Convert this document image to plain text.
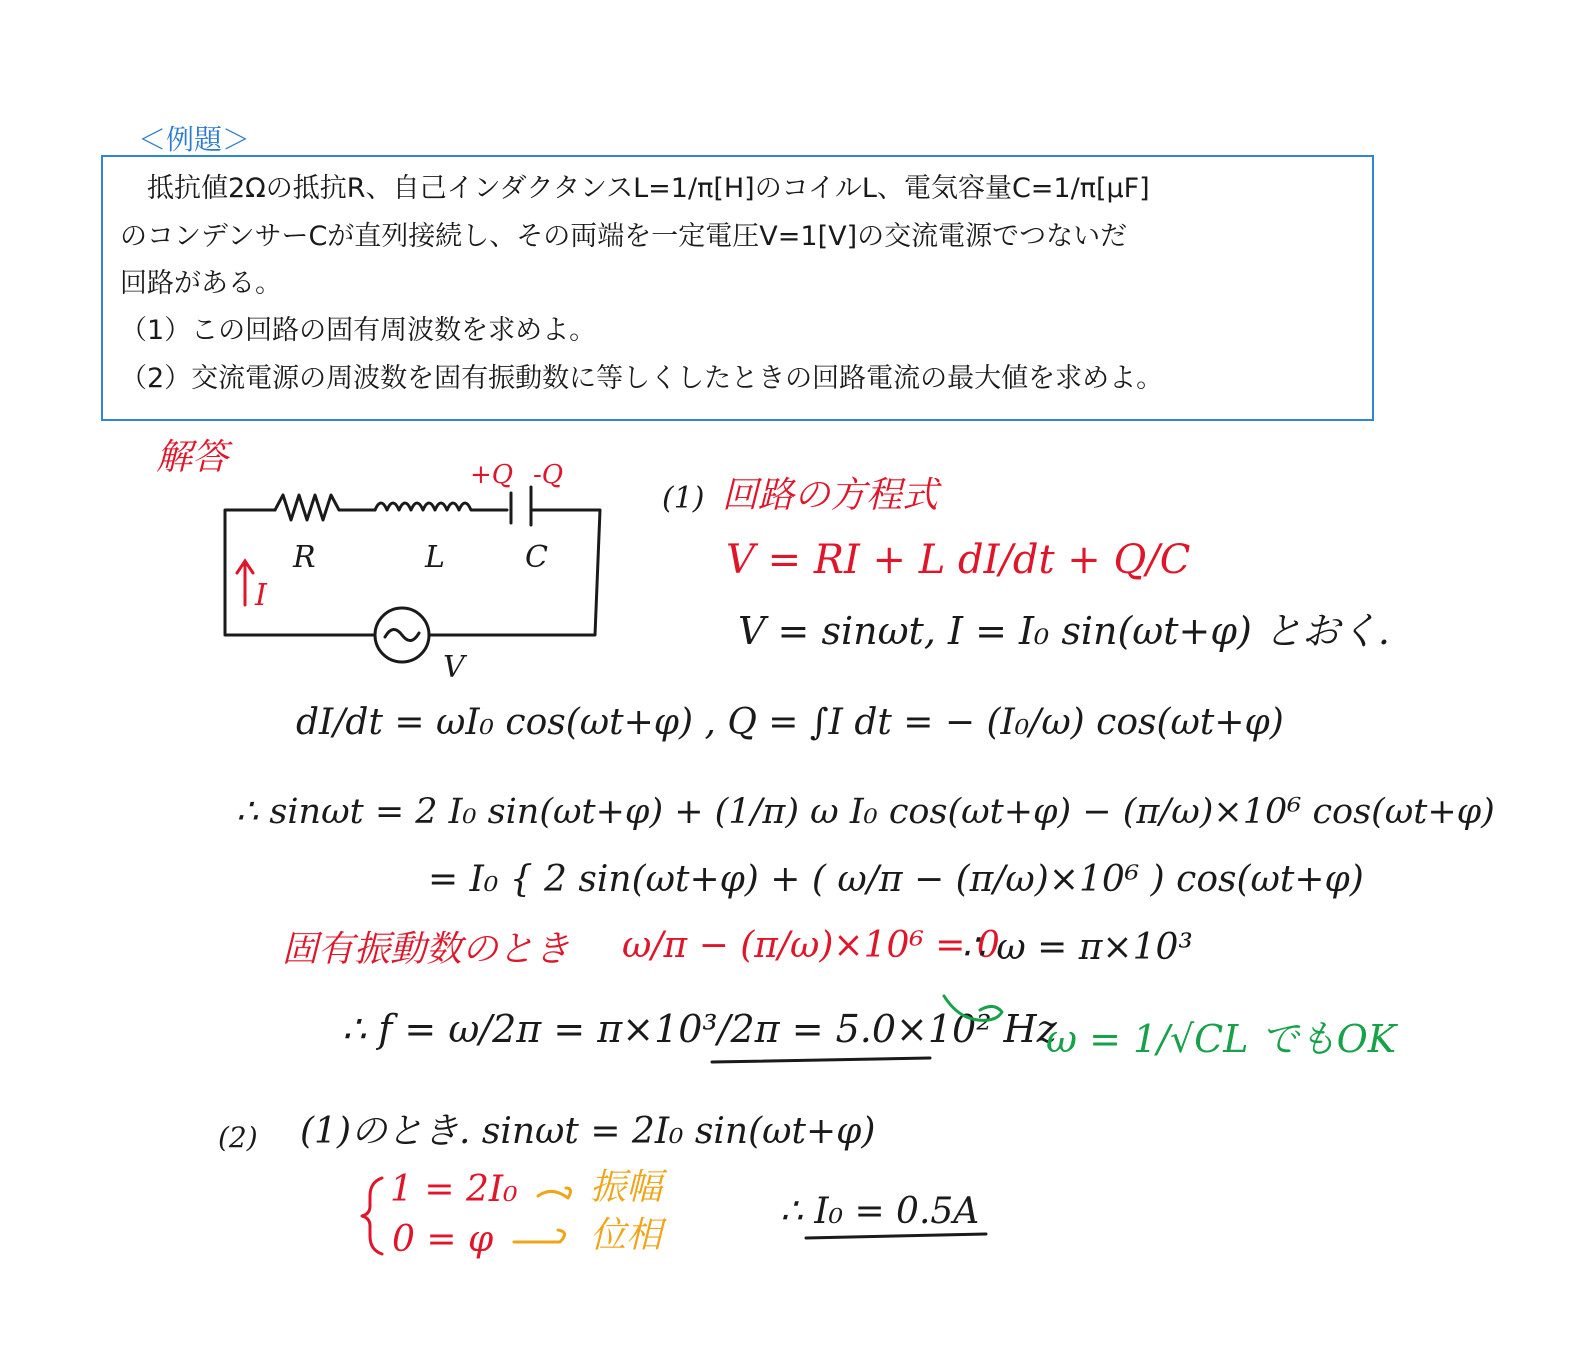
＜例題＞
　抵抗値2Ωの抵抗R、自己インダクタンスL=1/π[H]のコイルL、電気容量C=1/π[μF]
のコンデンサーCが直列接続し、その両端を一定電圧V=1[V]の交流電源でつないだ
回路がある。
（1）この回路の固有周波数を求めよ。
（2）交流電源の周波数を固有振動数に等しくしたときの回路電流の最大値を求めよ。
解答	+Q -Q
R	L	C
I
V
(1) 回路の方程式
V = RI + L dI/dt + Q/C
V = sinωt, I = I₀ sin(ωt+φ) とおく.
dI/dt = ωI₀ cos(ωt+φ) , Q = ∫I dt = − (I₀/ω) cos(ωt+φ)
∴ sinωt = 2 I₀ sin(ωt+φ) + (1/π) ω I₀ cos(ωt+φ) − (π/ω)×10⁶ cos(ωt+φ)
= I₀ { 2 sin(ωt+φ) + ( ω/π − (π/ω)×10⁶ ) cos(ωt+φ)
固有振動数のとき ω/π − (π/ω)×10⁶ = 0
∴ ω = π×10³
∴ f = ω/2π = π×10³/2π = 5.0×10² Hz
ω = 1/√CL でもOK
(2) (1)のとき. sinωt = 2I₀ sin(ωt+φ)
1 = 2I₀ 振幅
0 = φ	位相
∴ I₀ = 0.5A
